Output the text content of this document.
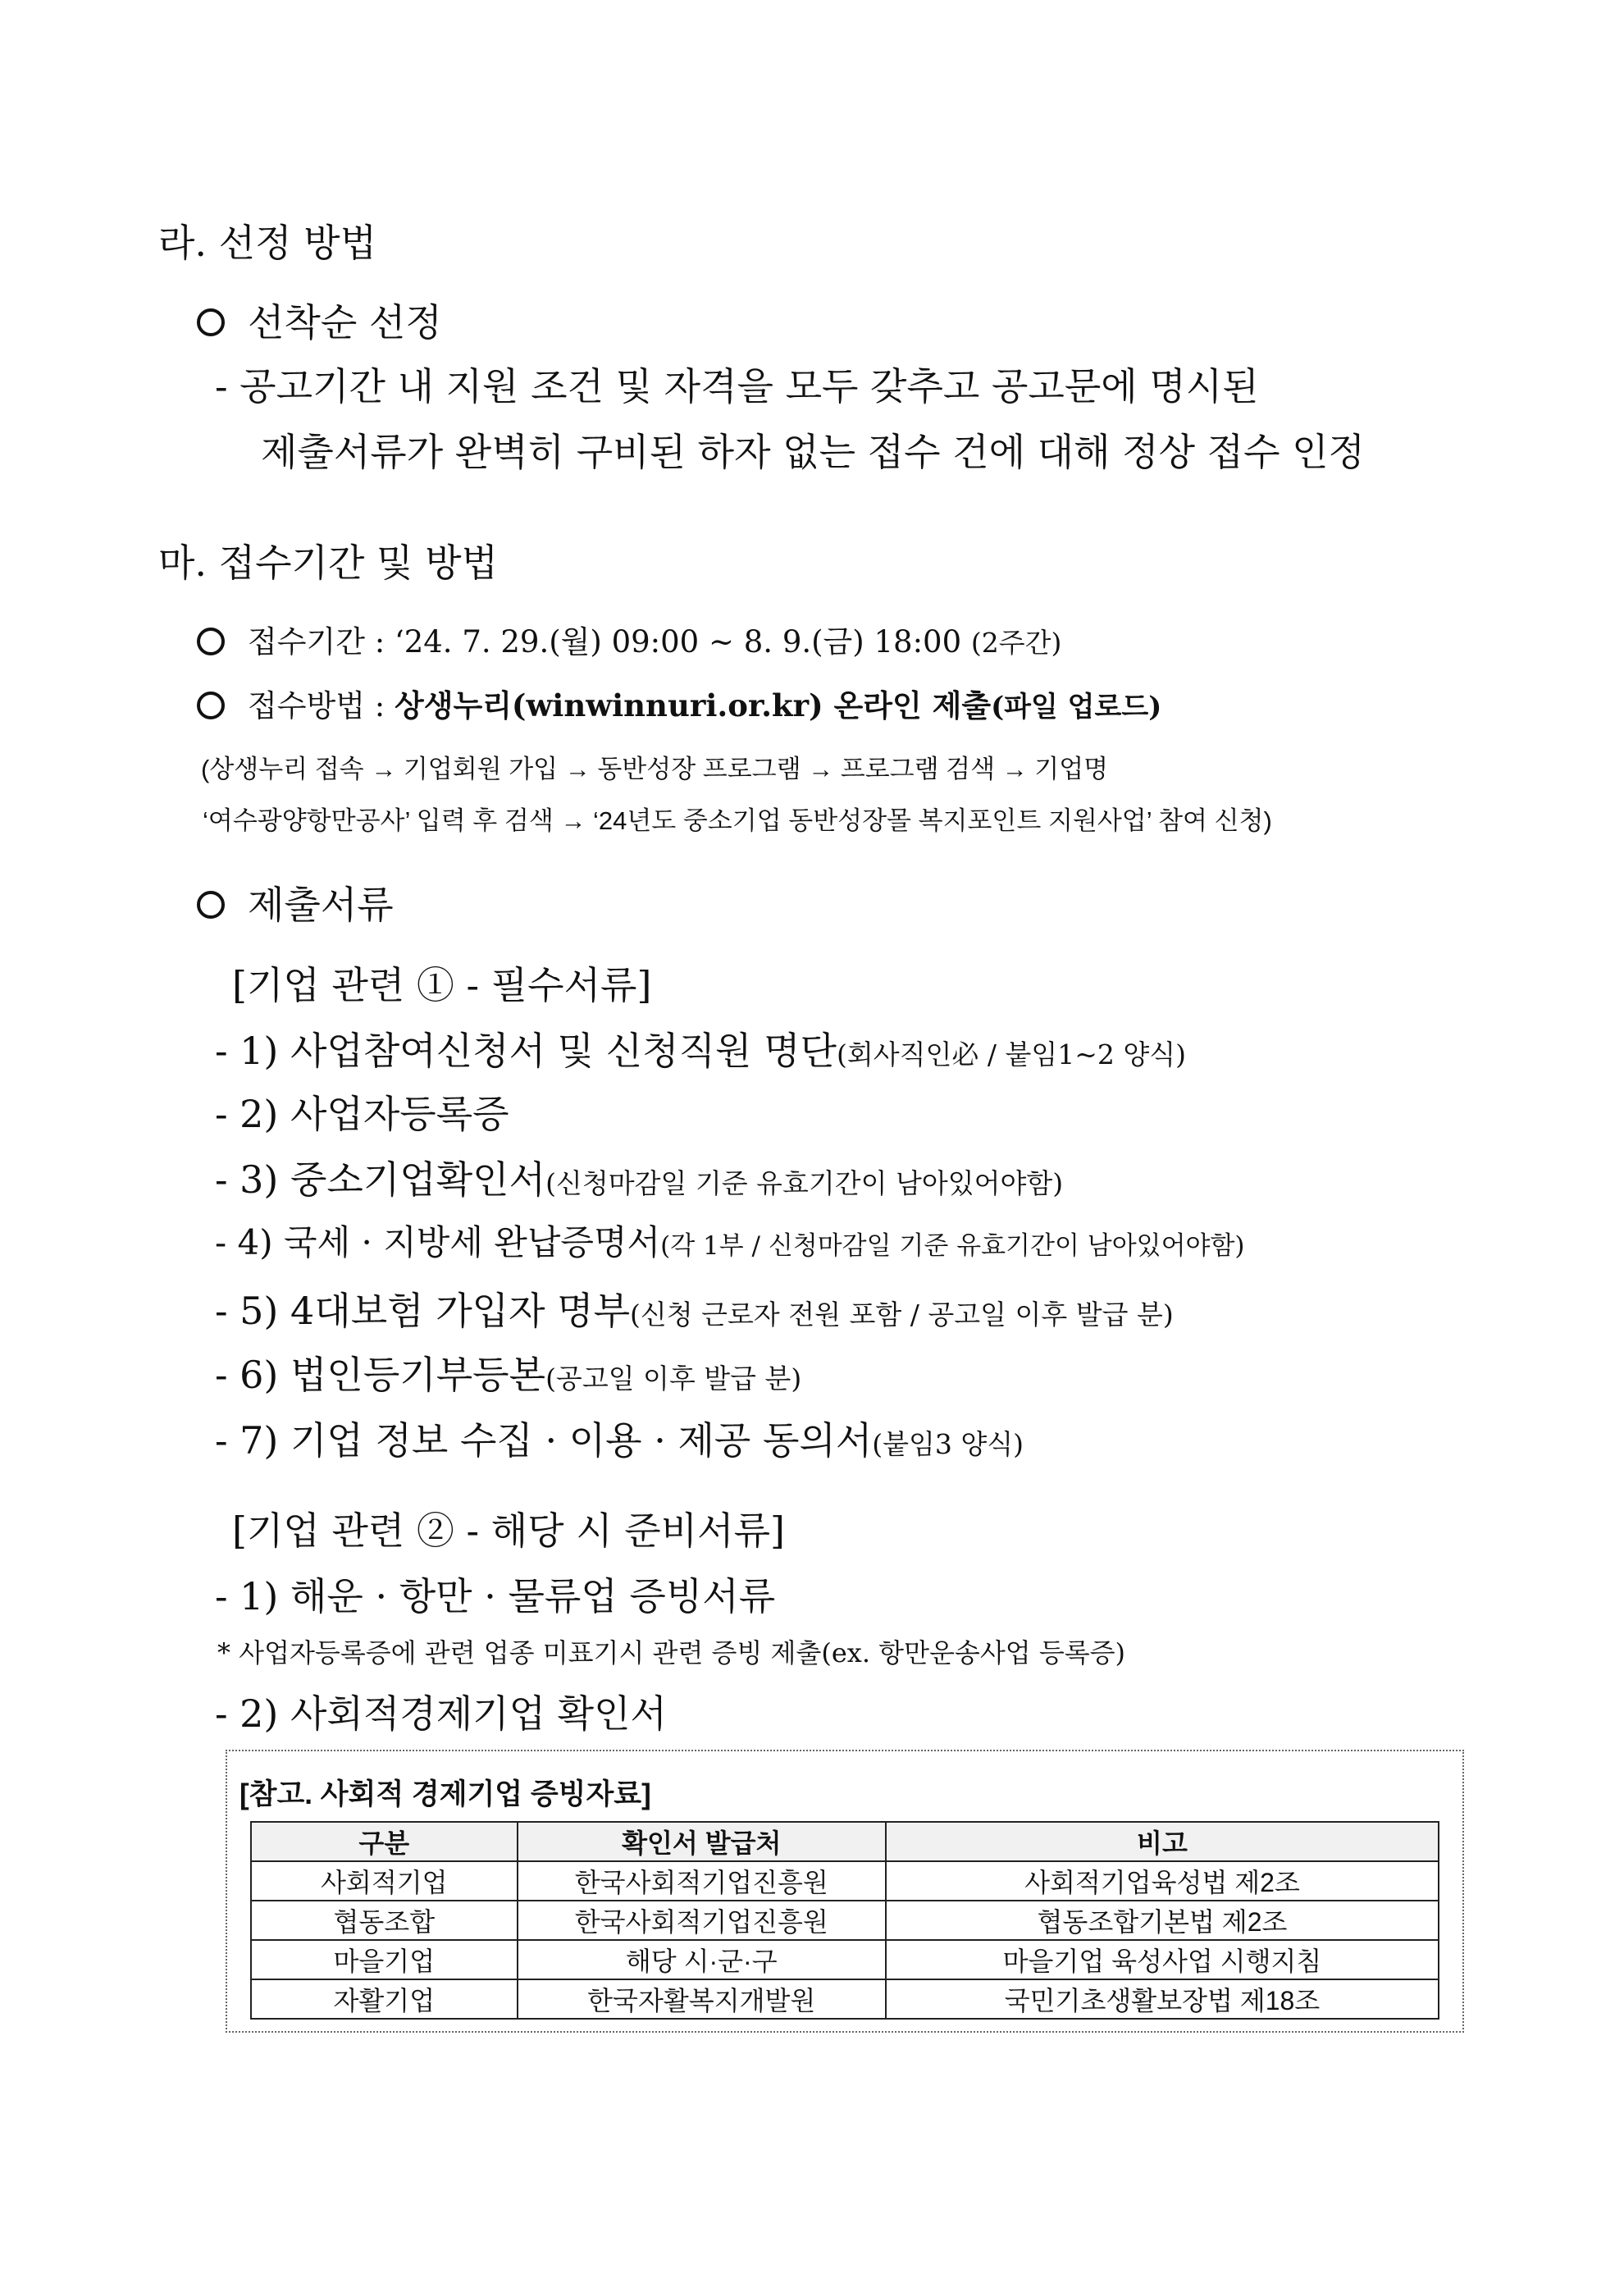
라. 선정 방법
선착순 선정
- 공고기간 내 지원 조건 및 자격을 모두 갖추고 공고문에 명시된
제출서류가 완벽히 구비된 하자 없는 접수 건에 대해 정상 접수 인정
마. 접수기간 및 방법
접수기간 : ‘24. 7. 29.(월) 09:00 ~ 8. 9.(금) 18:00 (2주간)
접수방법 : 상생누리(winwinnuri.or.kr) 온라인 제출(파일 업로드)
(상생누리 접속 → 기업회원 가입 → 동반성장 프로그램 → 프로그램 검색 → 기업명
‘여수광양항만공사’ 입력 후 검색 → ‘24년도 중소기업 동반성장몰 복지포인트 지원사업’ 참여 신청)
제출서류
[기업 관련 ① - 필수서류]
- 1) 사업참여신청서 및 신청직원 명단(회사직인必 / 붙임1~2 양식)
- 2) 사업자등록증
- 3) 중소기업확인서(신청마감일 기준 유효기간이 남아있어야함)
- 4) 국세 · 지방세 완납증명서(각 1부 / 신청마감일 기준 유효기간이 남아있어야함)
- 5) 4대보험 가입자 명부(신청 근로자 전원 포함 / 공고일 이후 발급 분)
- 6) 법인등기부등본(공고일 이후 발급 분)
- 7) 기업 정보 수집 · 이용 · 제공 동의서(붙임3 양식)
[기업 관련 ② - 해당 시 준비서류]
- 1) 해운 · 항만 · 물류업 증빙서류
* 사업자등록증에 관련 업종 미표기시 관련 증빙 제출(ex. 항만운송사업 등록증)
- 2) 사회적경제기업 확인서
[참고. 사회적 경제기업 증빙자료]
구분	확인서 발급처	비고
사회적기업	한국사회적기업진흥원	사회적기업육성법 제2조
협동조합	한국사회적기업진흥원	협동조합기본법 제2조
마을기업	해당 시·군·구	마을기업 육성사업 시행지침
자활기업	한국자활복지개발원	국민기초생활보장법 제18조
